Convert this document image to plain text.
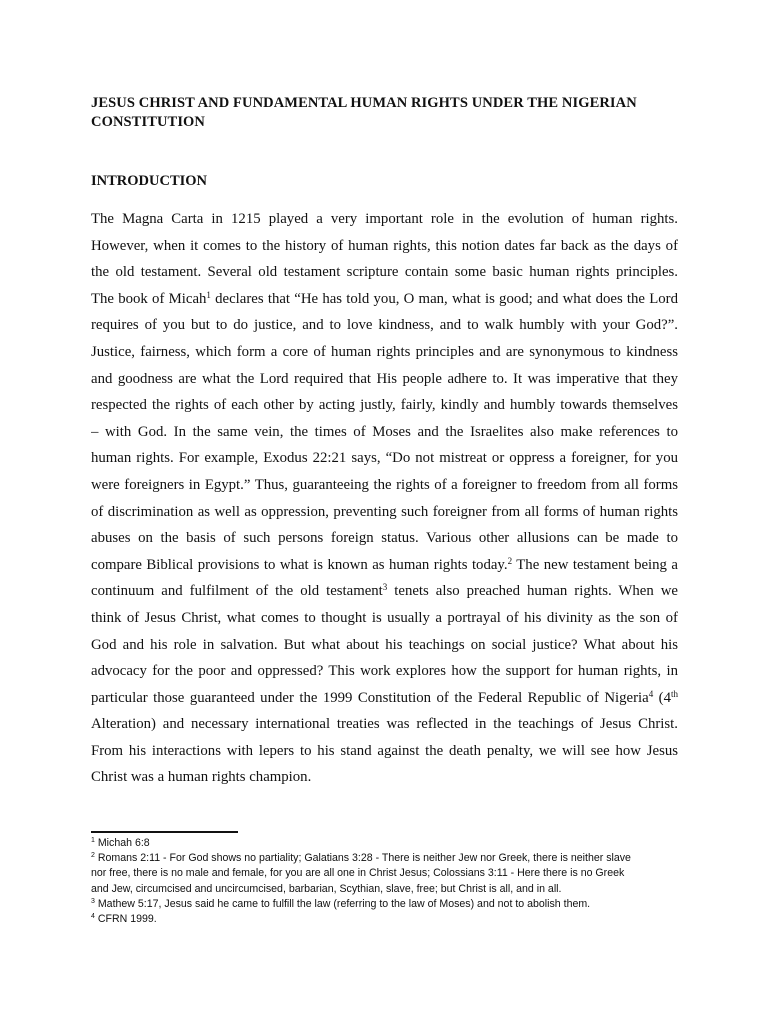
JESUS CHRIST AND FUNDAMENTAL HUMAN RIGHTS UNDER THE NIGERIAN
CONSTITUTION
INTRODUCTION
The Magna Carta in 1215 played a very important role in the evolution of human rights.
However, when it comes to the history of human rights, this notion dates far back as the days of
the old testament. Several old testament scripture contain some basic human rights principles.
The book of Micah$^1$ declares that “He has told you, O man, what is good; and what does the Lord
requires of you but to do justice, and to love kindness, and to walk humbly with your God?”.
Justice, fairness, which form a core of human rights principles and are synonymous to kindness
and goodness are what the Lord required that His people adhere to. It was imperative that they
respected the rights of each other by acting justly, fairly, kindly and humbly towards themselves
– with God. In the same vein, the times of Moses and the Israelites also make references to
human rights. For example, Exodus 22:21 says, “Do not mistreat or oppress a foreigner, for you
were foreigners in Egypt.” Thus, guaranteeing the rights of a foreigner to freedom from all forms
of discrimination as well as oppression, preventing such foreigner from all forms of human rights
abuses on the basis of such persons foreign status. Various other allusions can be made to
compare Biblical provisions to what is known as human rights today.$^2$ The new testament being a
continuum and fulfilment of the old testament$^3$ tenets also preached human rights. When we
think of Jesus Christ, what comes to thought is usually a portrayal of his divinity as the son of
God and his role in salvation. But what about his teachings on social justice? What about his
advocacy for the poor and oppressed? This work explores how the support for human rights, in
particular those guaranteed under the 1999 Constitution of the Federal Republic of Nigeria$^4$ (4th
Alteration) and necessary international treaties was reflected in the teachings of Jesus Christ.
From his interactions with lepers to his stand against the death penalty, we will see how Jesus
Christ was a human rights champion.
$^1$ Michah 6:8
$^2$ Romans 2:11 - For God shows no partiality; Galatians 3:28 - There is neither Jew nor Greek, there is neither slave
nor free, there is no male and female, for you are all one in Christ Jesus; Colossians 3:11 - Here there is no Greek
and Jew, circumcised and uncircumcised, barbarian, Scythian, slave, free; but Christ is all, and in all.
$^3$ Mathew 5:17, Jesus said he came to fulfill the law (referring to the law of Moses) and not to abolish them.
$^4$ CFRN 1999.
